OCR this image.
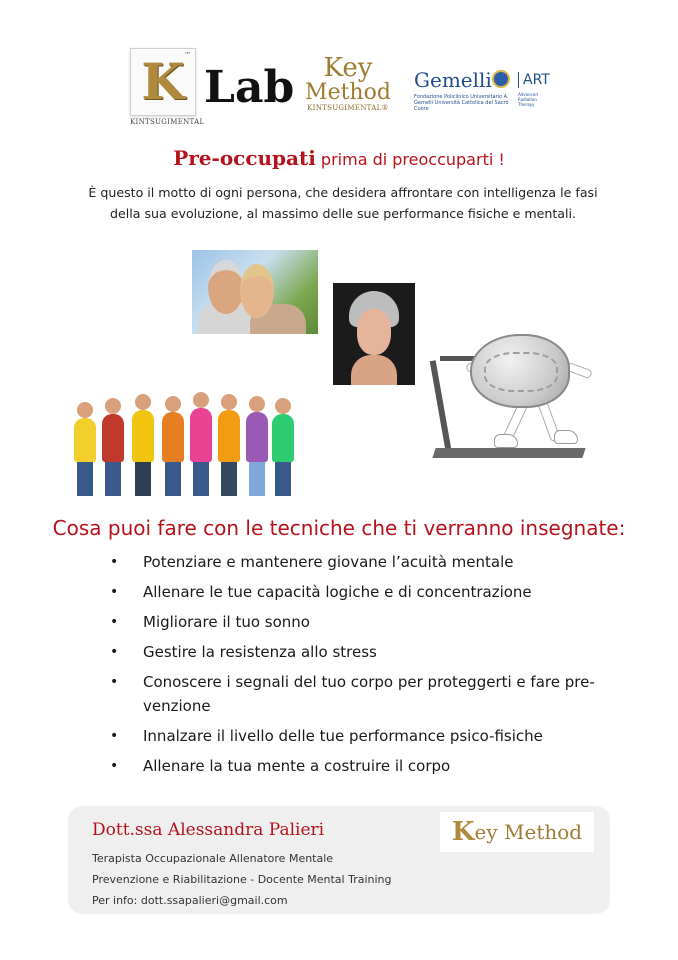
K ™
KINTSUGIMENTAL
Lab	Key
Method
KINTSUGIMENTAL®
Gemelli	ART
Fondazione Policlinico Universitario A. Gemelli Università Cattolica del Sacro Cuore
Advanced Radiation Therapy
Pre-occupati prima di preoccuparti !
È questo il motto di ogni persona, che desidera affrontare con intelligenza le fasi della sua evoluzione, al massimo delle sue performance fisiche e mentali.
Cosa puoi fare con le tecniche che ti verranno insegnate:
• Potenziare e mantenere giovane l’acuità mentale
• Allenare le tue capacità logiche e di concentrazione
• Migliorare il tuo sonno
• Gestire la resistenza allo stress
• Conoscere i segnali del tuo corpo per proteggerti e fare pre-venzione
• Innalzare il livello delle tue performance psico-fisiche
• Allenare la tua mente a costruire il corpo
Dott.ssa Alessandra Palieri	K ey Method
Terapista Occupazionale Allenatore Mentale
Prevenzione e Riabilitazione - Docente Mental Training
Per info: dott.ssapalieri@gmail.com
